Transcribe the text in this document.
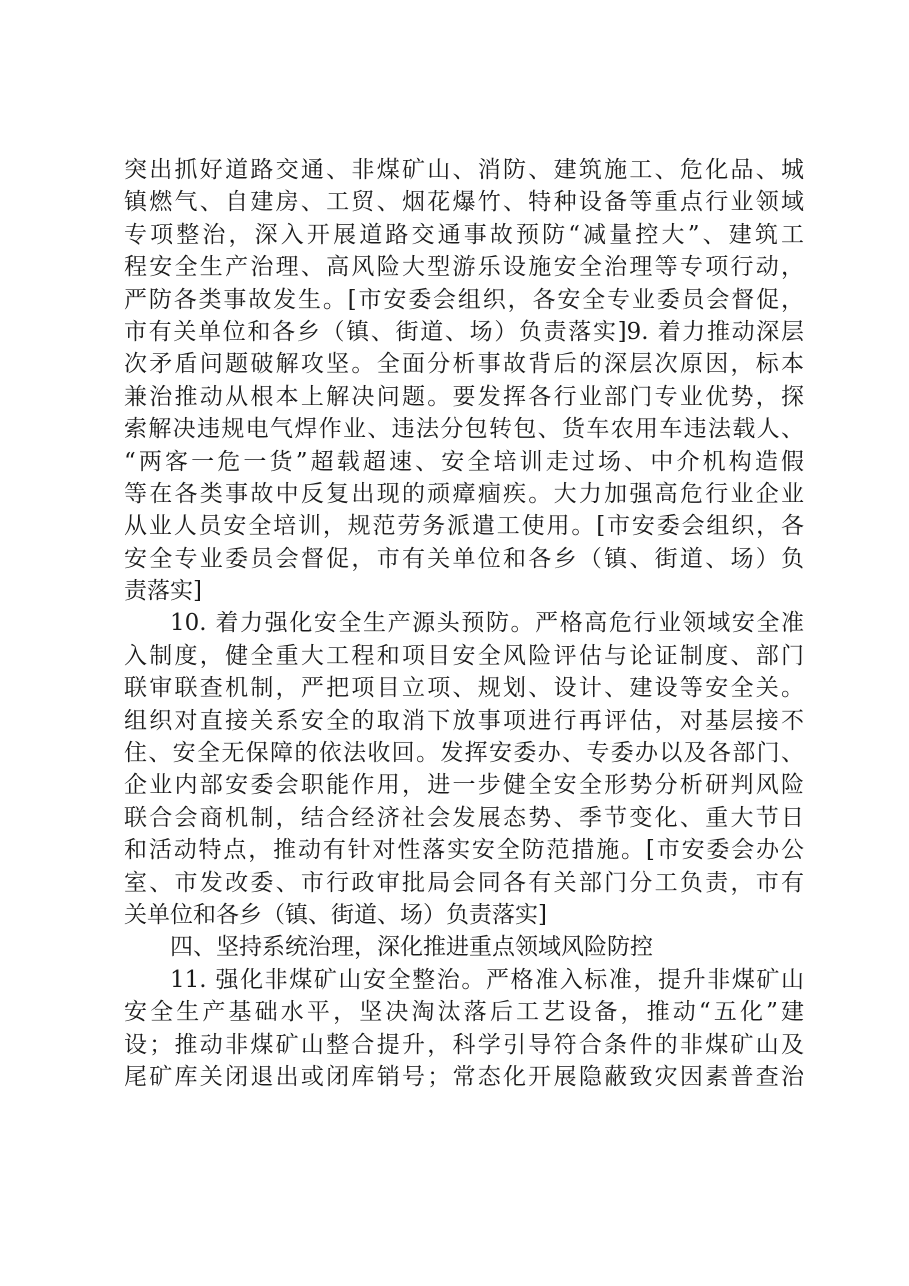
突出抓好道路交通、非煤矿山、消防、建筑施工、危化品、城
镇燃气、自建房、工贸、烟花爆竹、特种设备等重点行业领域
专项整治，深入开展道路交通事故预防“减量控大”、建筑工
程安全生产治理、高风险大型游乐设施安全治理等专项行动，
严防各类事故发生。[市安委会组织，各安全专业委员会督促，
市有关单位和各乡（镇、街道、场）负责落实]9. 着力推动深层
次矛盾问题破解攻坚。全面分析事故背后的深层次原因，标本
兼治推动从根本上解决问题。要发挥各行业部门专业优势，探
索解决违规电气焊作业、违法分包转包、货车农用车违法载人、
“两客一危一货”超载超速、安全培训走过场、中介机构造假
等在各类事故中反复出现的顽瘴痼疾。大力加强高危行业企业
从业人员安全培训，规范劳务派遣工使用。[市安委会组织，各
安全专业委员会督促，市有关单位和各乡（镇、街道、场）负
责落实]
10. 着力强化安全生产源头预防。严格高危行业领域安全准
入制度，健全重大工程和项目安全风险评估与论证制度、部门
联审联查机制，严把项目立项、规划、设计、建设等安全关。
组织对直接关系安全的取消下放事项进行再评估，对基层接不
住、安全无保障的依法收回。发挥安委办、专委办以及各部门、
企业内部安委会职能作用，进一步健全安全形势分析研判风险
联合会商机制，结合经济社会发展态势、季节变化、重大节日
和活动特点，推动有针对性落实安全防范措施。[市安委会办公
室、市发改委、市行政审批局会同各有关部门分工负责，市有
关单位和各乡（镇、街道、场）负责落实]
四、坚持系统治理，深化推进重点领域风险防控
11. 强化非煤矿山安全整治。严格准入标准，提升非煤矿山
安全生产基础水平，坚决淘汰落后工艺设备，推动“五化”建
设；推动非煤矿山整合提升，科学引导符合条件的非煤矿山及
尾矿库关闭退出或闭库销号；常态化开展隐蔽致灾因素普查治
